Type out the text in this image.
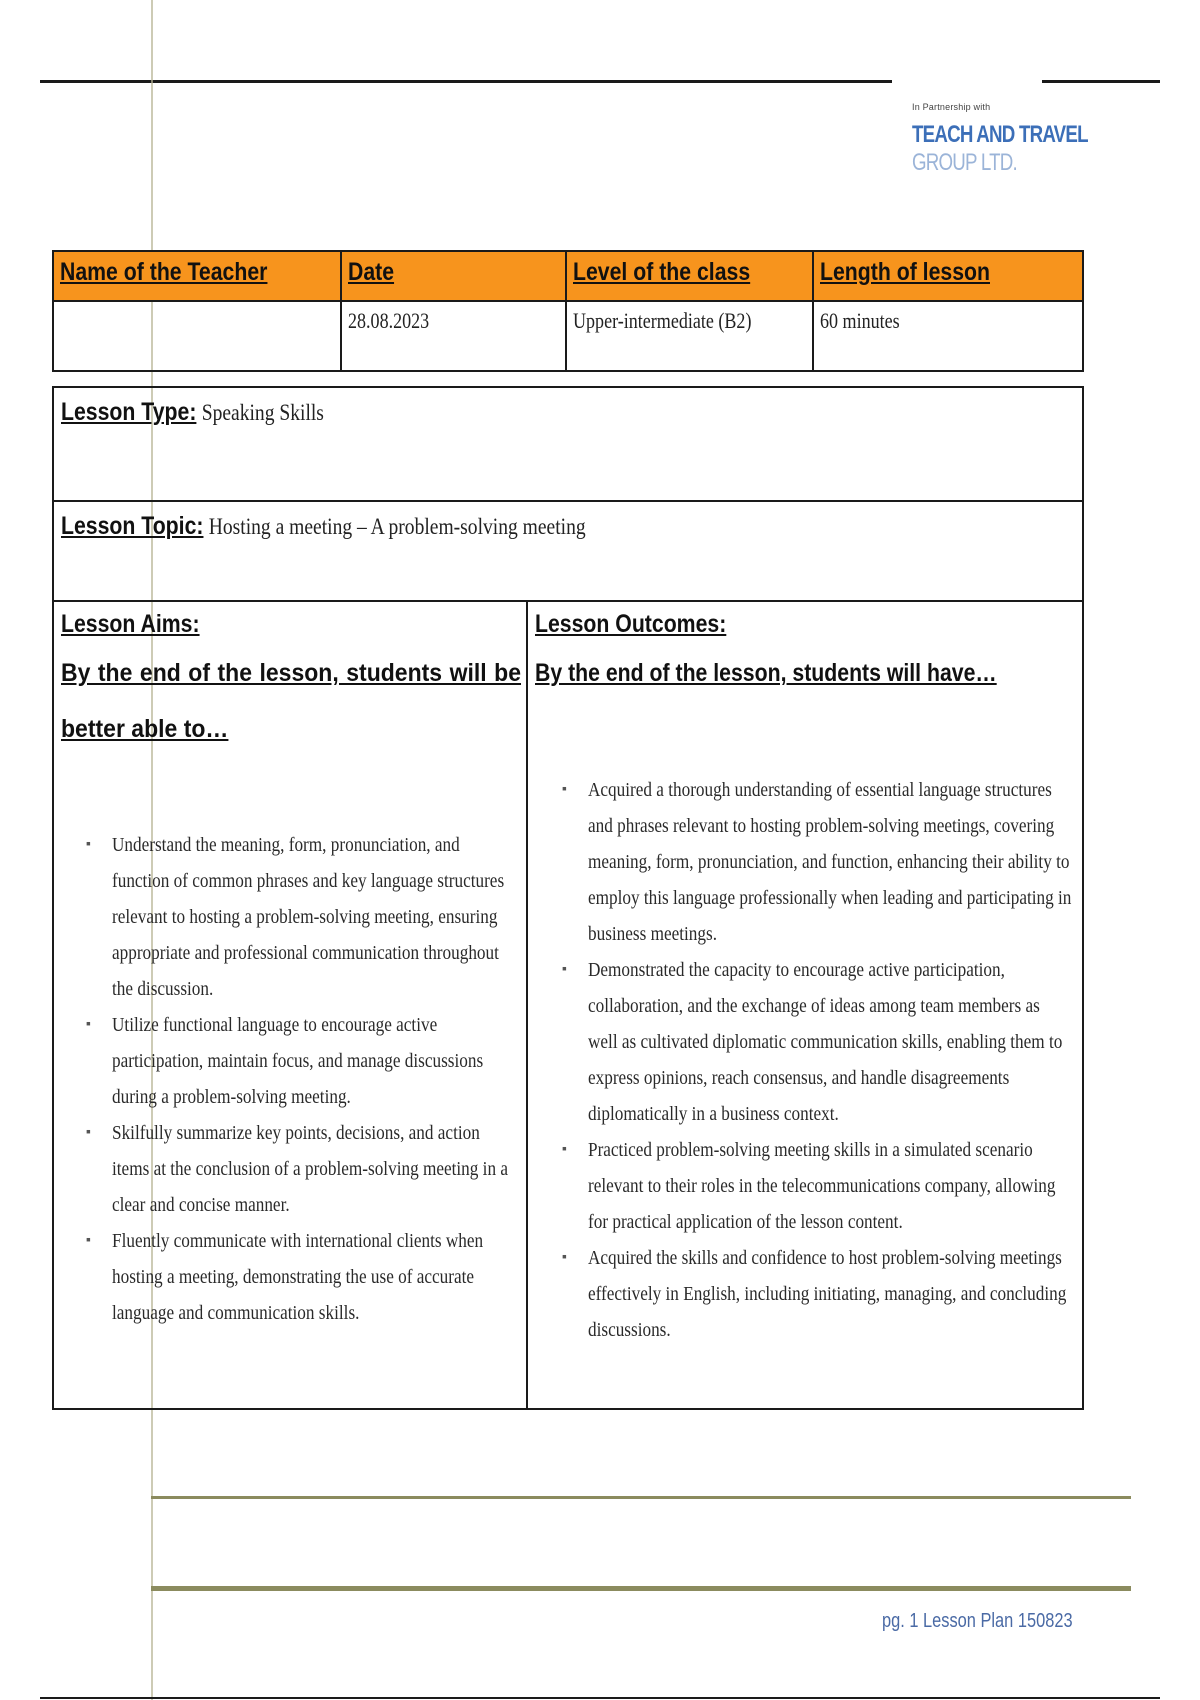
In Partnership with
TEACH AND TRAVEL
GROUP LTD.
Name of the Teacher	Date	Level of the class	Length of lesson
	28.08.2023	Upper-intermediate (B2)	60 minutes
Lesson Type: Speaking Skills
Lesson Topic: Hosting a meeting – A problem-solving meeting
Lesson Aims:
By the end of the lesson, students will be better able to…
▪ Understand the meaning, form, pronunciation, and function of common phrases and key language structures relevant to hosting a problem-solving meeting, ensuring appropriate and professional communication throughout the discussion.
▪ Utilize functional language to encourage active participation, maintain focus, and manage discussions during a problem-solving meeting.
▪ Skilfully summarize key points, decisions, and action items at the conclusion of a problem-solving meeting in a clear and concise manner.
▪ Fluently communicate with international clients when hosting a meeting, demonstrating the use of accurate language and communication skills.
Lesson Outcomes:
By the end of the lesson, students will have…
▪ Acquired a thorough understanding of essential language structures and phrases relevant to hosting problem-solving meetings, covering meaning, form, pronunciation, and function, enhancing their ability to employ this language professionally when leading and participating in business meetings.
▪ Demonstrated the capacity to encourage active participation, collaboration, and the exchange of ideas among team members as well as cultivated diplomatic communication skills, enabling them to express opinions, reach consensus, and handle disagreements diplomatically in a business context.
▪ Practiced problem-solving meeting skills in a simulated scenario relevant to their roles in the telecommunications company, allowing for practical application of the lesson content.
▪ Acquired the skills and confidence to host problem-solving meetings effectively in English, including initiating, managing, and concluding discussions.
pg. 1 Lesson Plan 150823
